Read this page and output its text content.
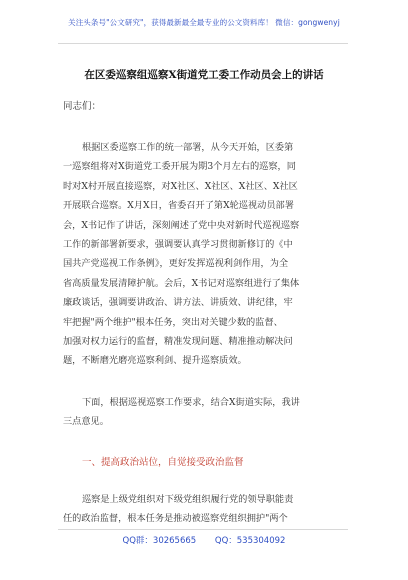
关注头条号"公文研究"，获得最新最全最专业的公文资料库！ 微信：gongwenyj
在区委巡察组巡察X街道党工委工作动员会上的讲话
同志们：
根据区委巡察工作的统一部署，从今天开始，区委第
一巡察组将对X街道党工委开展为期3个月左右的巡察，同
时对X村开展直接巡察，对X社区、X社区、X社区、X社区
开展联合巡察。X月X日，省委召开了第X轮巡视动员部署
会，X书记作了讲话，深刻阐述了党中央对新时代巡视巡察
工作的新部署新要求，强调要认真学习贯彻新修订的《中
国共产党巡视工作条例》，更好发挥巡视利剑作用，为全
省高质量发展清障护航。会后，X书记对巡察组进行了集体
廉政谈话，强调要讲政治、讲方法、讲质效、讲纪律，牢
牢把握"两个维护"根本任务，突出对关键少数的监督、
加强对权力运行的监督，精准发现问题、精准推动解决问
题，不断磨光磨亮巡察利剑、提升巡察质效。
下面，根据巡视巡察工作要求，结合X街道实际，我讲
三点意见。
一、提高政治站位，自觉接受政治监督
巡察是上级党组织对下级党组织履行党的领导职能责
任的政治监督，根本任务是推动被巡察党组织拥护"两个
QQ群：30265665 QQ：535304092
